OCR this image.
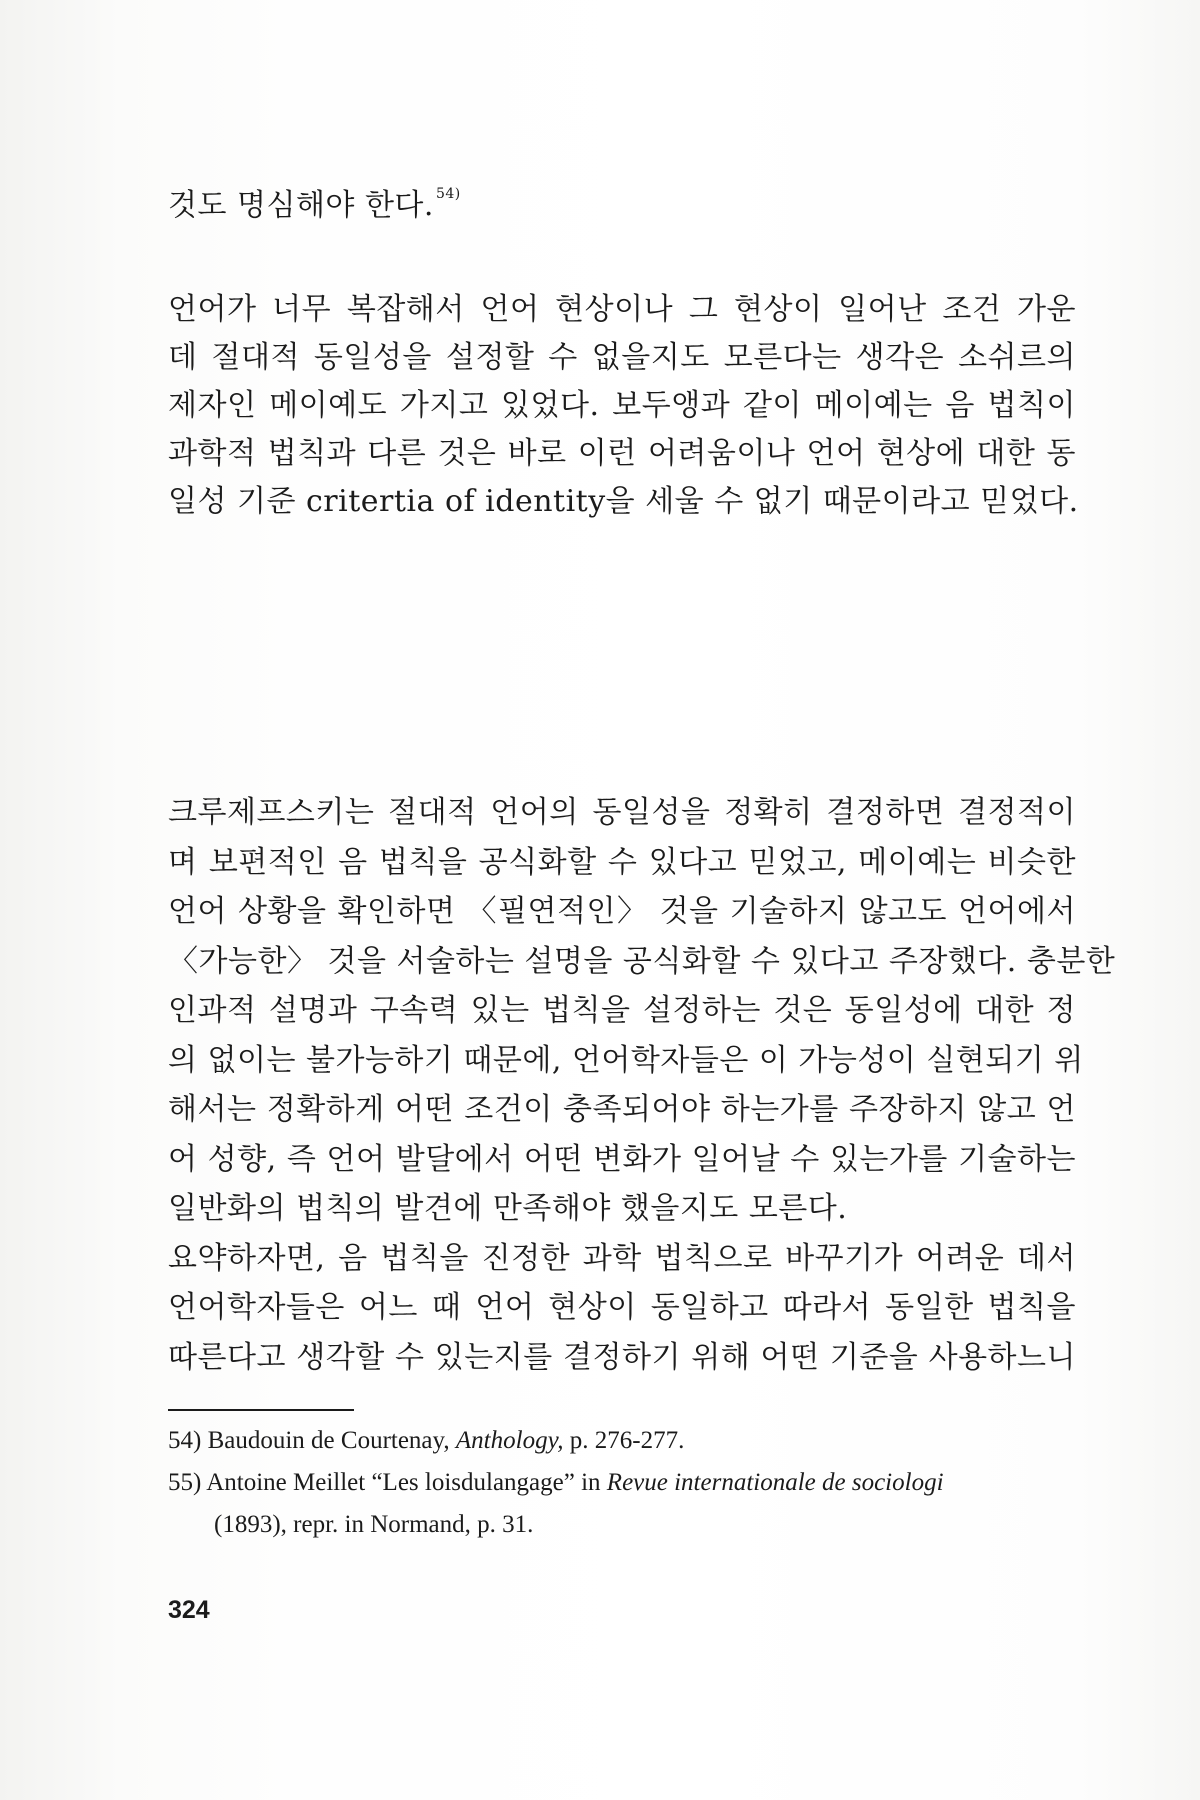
것도 명심해야 한다. $^{54)}$
언어가 너무 복잡해서 언어 현상이나 그 현상이 일어난 조건 가운
데 절대적 동일성을 설정할 수 없을지도 모른다는 생각은 소쉬르의
제자인 메이예도 가지고 있었다. 보두앵과 같이 메이예는 음 법칙이
과학적 법칙과 다른 것은 바로 이런 어려움이나 언어 현상에 대한 동
일성 기준 critertia of identity을 세울 수 없기 때문이라고 믿었다.
크루제프스키는 절대적 언어의 동일성을 정확히 결정하면 결정적이
며 보편적인 음 법칙을 공식화할 수 있다고 믿었고, 메이예는 비슷한
언어 상황을 확인하면 〈필연적인〉 것을 기술하지 않고도 언어에서
〈가능한〉 것을 서술하는 설명을 공식화할 수 있다고 주장했다. 충분한
인과적 설명과 구속력 있는 법칙을 설정하는 것은 동일성에 대한 정
의 없이는 불가능하기 때문에, 언어학자들은 이 가능성이 실현되기 위
해서는 정확하게 어떤 조건이 충족되어야 하는가를 주장하지 않고 언
어 성향, 즉 언어 발달에서 어떤 변화가 일어날 수 있는가를 기술하는
일반화의 법칙의 발견에 만족해야 했을지도 모른다.
요약하자면, 음 법칙을 진정한 과학 법칙으로 바꾸기가 어려운 데서
언어학자들은 어느 때 언어 현상이 동일하고 따라서 동일한 법칙을
따른다고 생각할 수 있는지를 결정하기 위해 어떤 기준을 사용하느니
54) Baudouin de Courtenay, Anthology, p. 276-277.
55) Antoine Meillet “Les loisdulangage” in Revue internationale de sociologi
(1893), repr. in Normand, p. 31.
324
